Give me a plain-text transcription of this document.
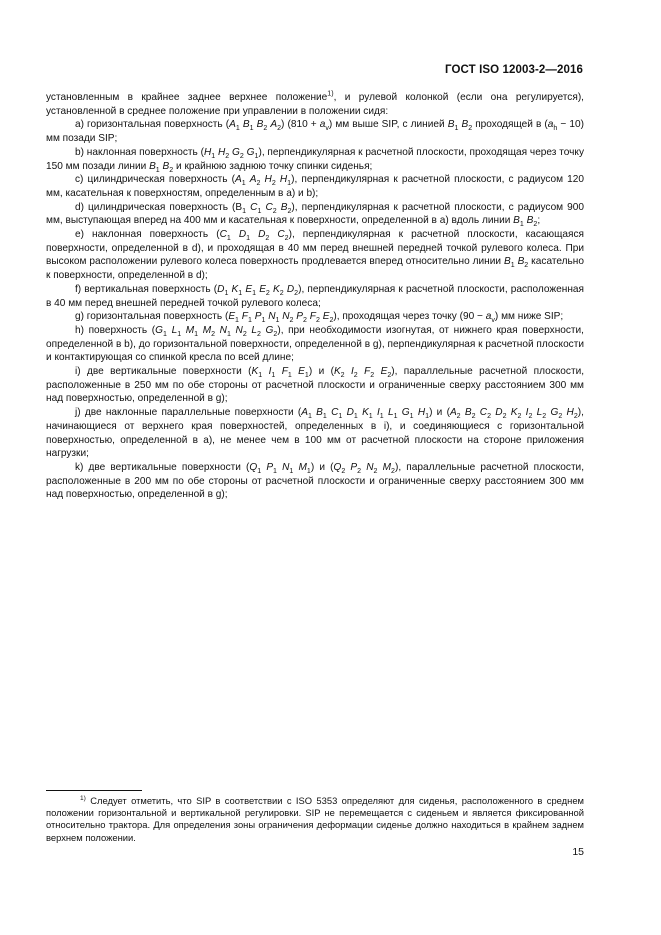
ГОСТ ISO 12003-2—2016

установленным в крайнее заднее верхнее положение$^{1)}$, и рулевой колонкой (если она регулируется), установленной в среднее положение при управлении в положении сидя:

a) горизонтальная поверхность ($A_1$ $B_1$ $B_2$ $A_2$) $(810 + a_v)$ мм выше SIP, с линией $B_1$ $B_2$ проходящей в $(a_h - 10)$ мм позади SIP;

b) наклонная поверхность ($H_1$ $H_2$ $G_2$ $G_1$), перпендикулярная к расчетной плоскости, проходящая через точку 150 мм позади линии $B_1$ $B_2$ и крайнюю заднюю точку спинки сиденья;

c) цилиндрическая поверхность ($A_1$ $A_2$ $H_2$ $H_1$), перпендикулярная к расчетной плоскости, с радиусом 120 мм, касательная к поверхностям, определенным в a) и b);

d) цилиндрическая поверхность ($B_1$ $C_1$ $C_2$ $B_2$), перпендикулярная к расчетной плоскости, с радиусом 900 мм, выступающая вперед на 400 мм и касательная к поверхности, определенной в a) вдоль линии $B_1$ $B_2$;

e) наклонная поверхность ($C_1$ $D_1$ $D_2$ $C_2$), перпендикулярная к расчетной плоскости, касающаяся поверхности, определенной в d), и проходящая в 40 мм перед внешней передней точкой рулевого колеса. При высоком расположении рулевого колеса поверхность продлевается вперед относительно линии $B_1$ $B_2$ касательно к поверхности, определенной в d);

f) вертикальная поверхность ($D_1$ $K_1$ $E_1$ $E_2$ $K_2$ $D_2$), перпендикулярная к расчетной плоскости, расположенная в 40 мм перед внешней передней точкой рулевого колеса;

g) горизонтальная поверхность ($E_1$ $F_1$ $P_1$ $N_1$ $N_2$ $P_2$ $F_2$ $E_2$), проходящая через точку $(90 - a_v)$ мм ниже SIP;

h) поверхность ($G_1$ $L_1$ $M_1$ $M_2$ $N_1$ $N_2$ $L_2$ $G_2$), при необходимости изогнутая, от нижнего края поверхности, определенной в b), до горизонтальной поверхности, определенной в g), перпендикулярная к расчетной плоскости и контактирующая со спинкой кресла по всей длине;

i) две вертикальные поверхности ($K_1$ $I_1$ $F_1$ $E_1$) и ($K_2$ $I_2$ $F_2$ $E_2$), параллельные расчетной плоскости, расположенные в 250 мм по обе стороны от расчетной плоскости и ограниченные сверху расстоянием 300 мм над поверхностью, определенной в g);

j) две наклонные параллельные поверхности ($A_1$ $B_1$ $C_1$ $D_1$ $K_1$ $I_1$ $L_1$ $G_1$ $H_1$) и ($A_2$ $B_2$ $C_2$ $D_2$ $K_2$ $I_2$ $L_2$ $G_2$ $H_2$), начинающиеся от верхнего края поверхностей, определенных в i), и соединяющиеся с горизонтальной поверхностью, определенной в a), не менее чем в 100 мм от расчетной плоскости на стороне приложения нагрузки;

k) две вертикальные поверхности ($Q_1$ $P_1$ $N_1$ $M_1$) и ($Q_2$ $P_2$ $N_2$ $M_2$), параллельные расчетной плоскости, расположенные в 200 мм по обе стороны от расчетной плоскости и ограниченные сверху расстоянием 300 мм над поверхностью, определенной в g);

$^{1)}$ Следует отметить, что SIP в соответствии с ISO 5353 определяют для сиденья, расположенного в среднем положении горизонтальной и вертикальной регулировки. SIP не перемещается с сиденьем и является фиксированной относительно трактора. Для определения зоны ограничения деформации сиденье должно находиться в крайнем заднем верхнем положении.
15
